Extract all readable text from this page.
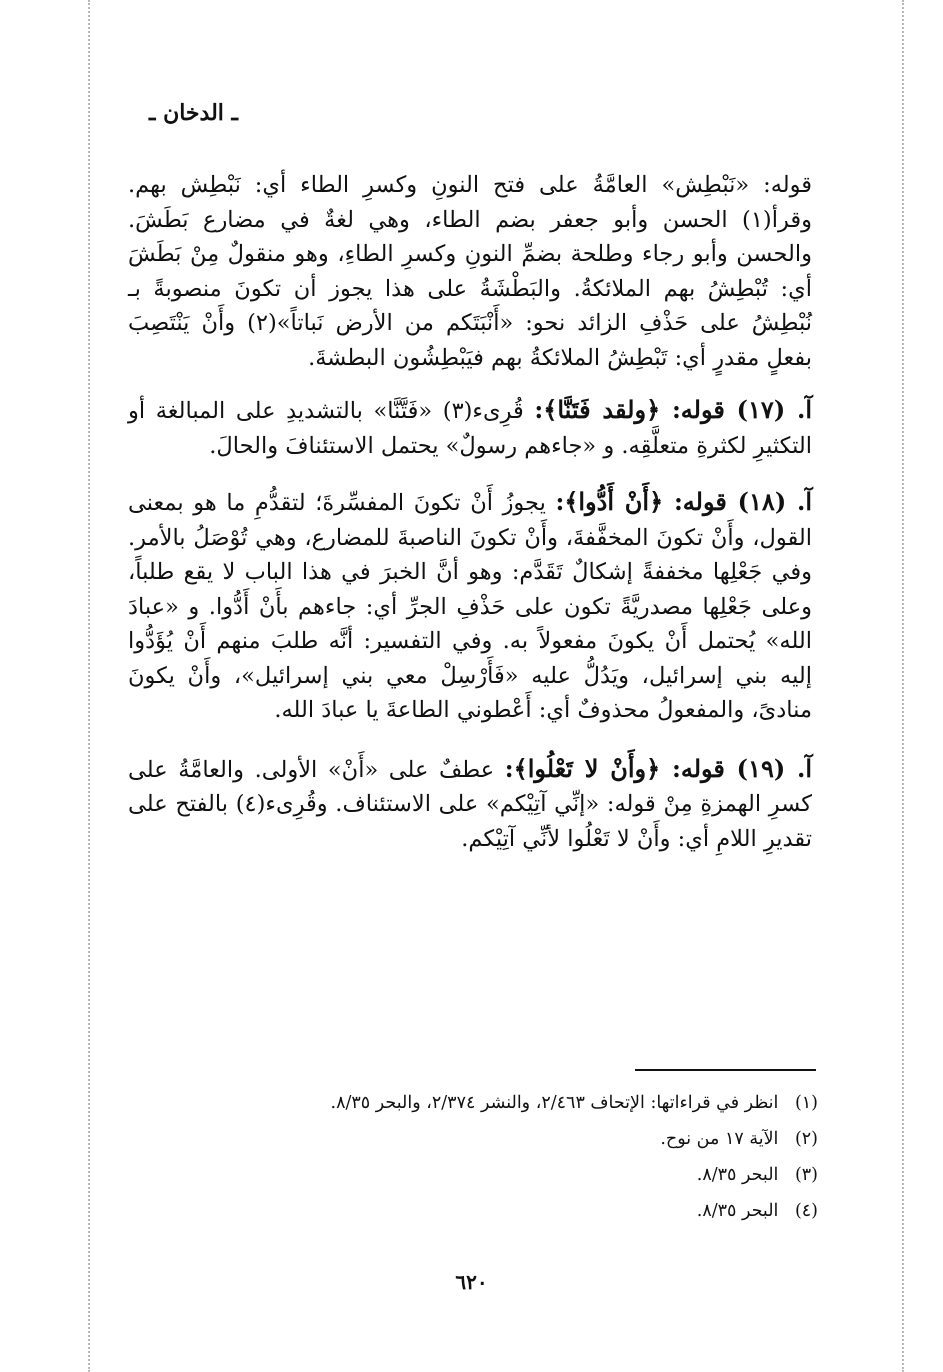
ـ الدخان ـ

قوله: «نَبْطِش» العامَّةُ على فتح النونِ وكسرِ الطاء أي: نَبْطِش بهم. وقرأ(١) الحسن وأبو جعفر بضم الطاء، وهي لغةٌ في مضارع بَطَشَ. والحسن وأبو رجاء وطلحة بضمِّ النونِ وكسرِ الطاءِ، وهو منقولٌ مِنْ بَطَشَ أي: تُبْطِشُ بهم الملائكةُ. والبَطْشَةُ على هذا يجوز أن تكونَ منصوبةً بـ نُبْطِشُ على حَذْفِ الزائد نحو: «أَنْبَتَكم من الأرض نَباتاً»(٢) وأَنْ يَنْتَصِبَ بفعلٍ مقدرٍ أي: تَبْطِشُ الملائكةُ بهم فيَبْطِشُون البطشةَ.

آ. (١٧) قوله: ﴿ولقد فَتَنَّا﴾: قُرِىء(٣) «فَتَّنَّا» بالتشديدِ على المبالغة أو التكثيرِ لكثرةِ متعلَّقِه. و «جاءهم رسولٌ» يحتمل الاستئنافَ والحالَ.

آ. (١٨) قوله: ﴿أَنْ أَدُّوا﴾: يجوزُ أَنْ تكونَ المفسِّرةَ؛ لتقدُّمِ ما هو بمعنى القول، وأَنْ تكونَ المخفَّفةَ، وأَنْ تكونَ الناصبةَ للمضارع، وهي تُوْصَلُ بالأمر. وفي جَعْلِها مخففةً إشكالٌ تَقَدَّم: وهو أنَّ الخبرَ في هذا الباب لا يقع طلباً، وعلى جَعْلِها مصدريَّةً تكون على حَذْفِ الجرِّ أي: جاءهم بأَنْ أَدُّوا. و «عبادَ الله» يُحتمل أَنْ يكونَ مفعولاً به. وفي التفسير: أنَّه طلبَ منهم أَنْ يُؤَدُّوا إليه بني إسرائيل، ويَدُلُّ عليه «فَأَرْسِلْ معي بني إسرائيل»، وأَنْ يكونَ منادىً، والمفعولُ محذوفٌ أي: أَعْطوني الطاعةَ يا عبادَ الله.

آ. (١٩) قوله: ﴿وأَنْ لا تَعْلُوا﴾: عطفٌ على «أَنْ» الأولى. والعامَّةُ على كسرِ الهمزةِ مِنْ قوله: «إنِّي آتِيْكم» على الاستئناف. وقُرِىء(٤) بالفتح على تقديرِ اللامِ أي: وأَنْ لا تَعْلُوا لأنِّي آتِيْكم.

(١) انظر في قراءاتها: الإتحاف ٢/٤٦٣، والنشر ٢/٣٧٤، والبحر ٨/٣٥.
(٢) الآية ١٧ من نوح.
(٣) البحر ٨/٣٥.
(٤) البحر ٨/٣٥.
٦٢٠
